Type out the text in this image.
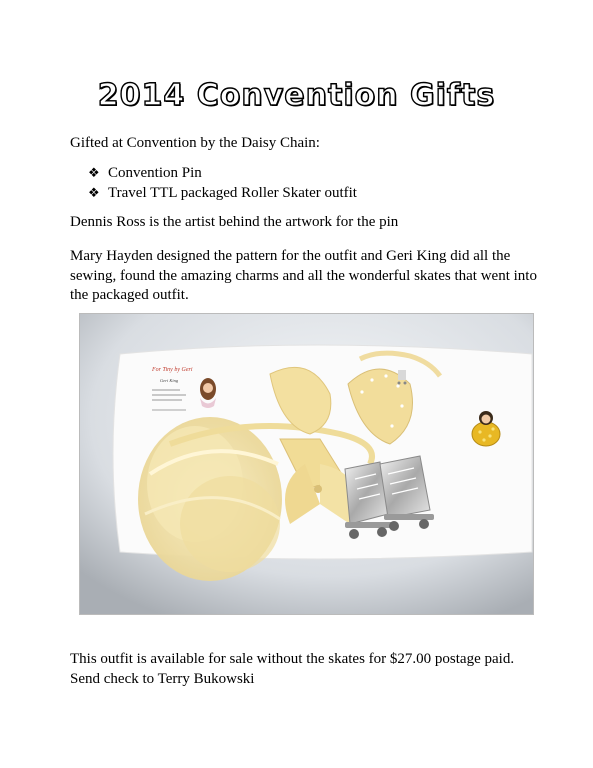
2014 Convention Gifts

Gifted at Convention by the Daisy Chain:

❖ Convention Pin
❖ Travel TTL packaged Roller Skater outfit

Dennis Ross is the artist behind the artwork for the pin

Mary Hayden designed the pattern for the outfit and Geri King did all the sewing, found the amazing charms and all the wonderful skates that went into the packaged outfit.

For Tiny by Geri
Geri King

This outfit is available for sale without the skates for $27.00 postage paid. Send check to Terry Bukowski
